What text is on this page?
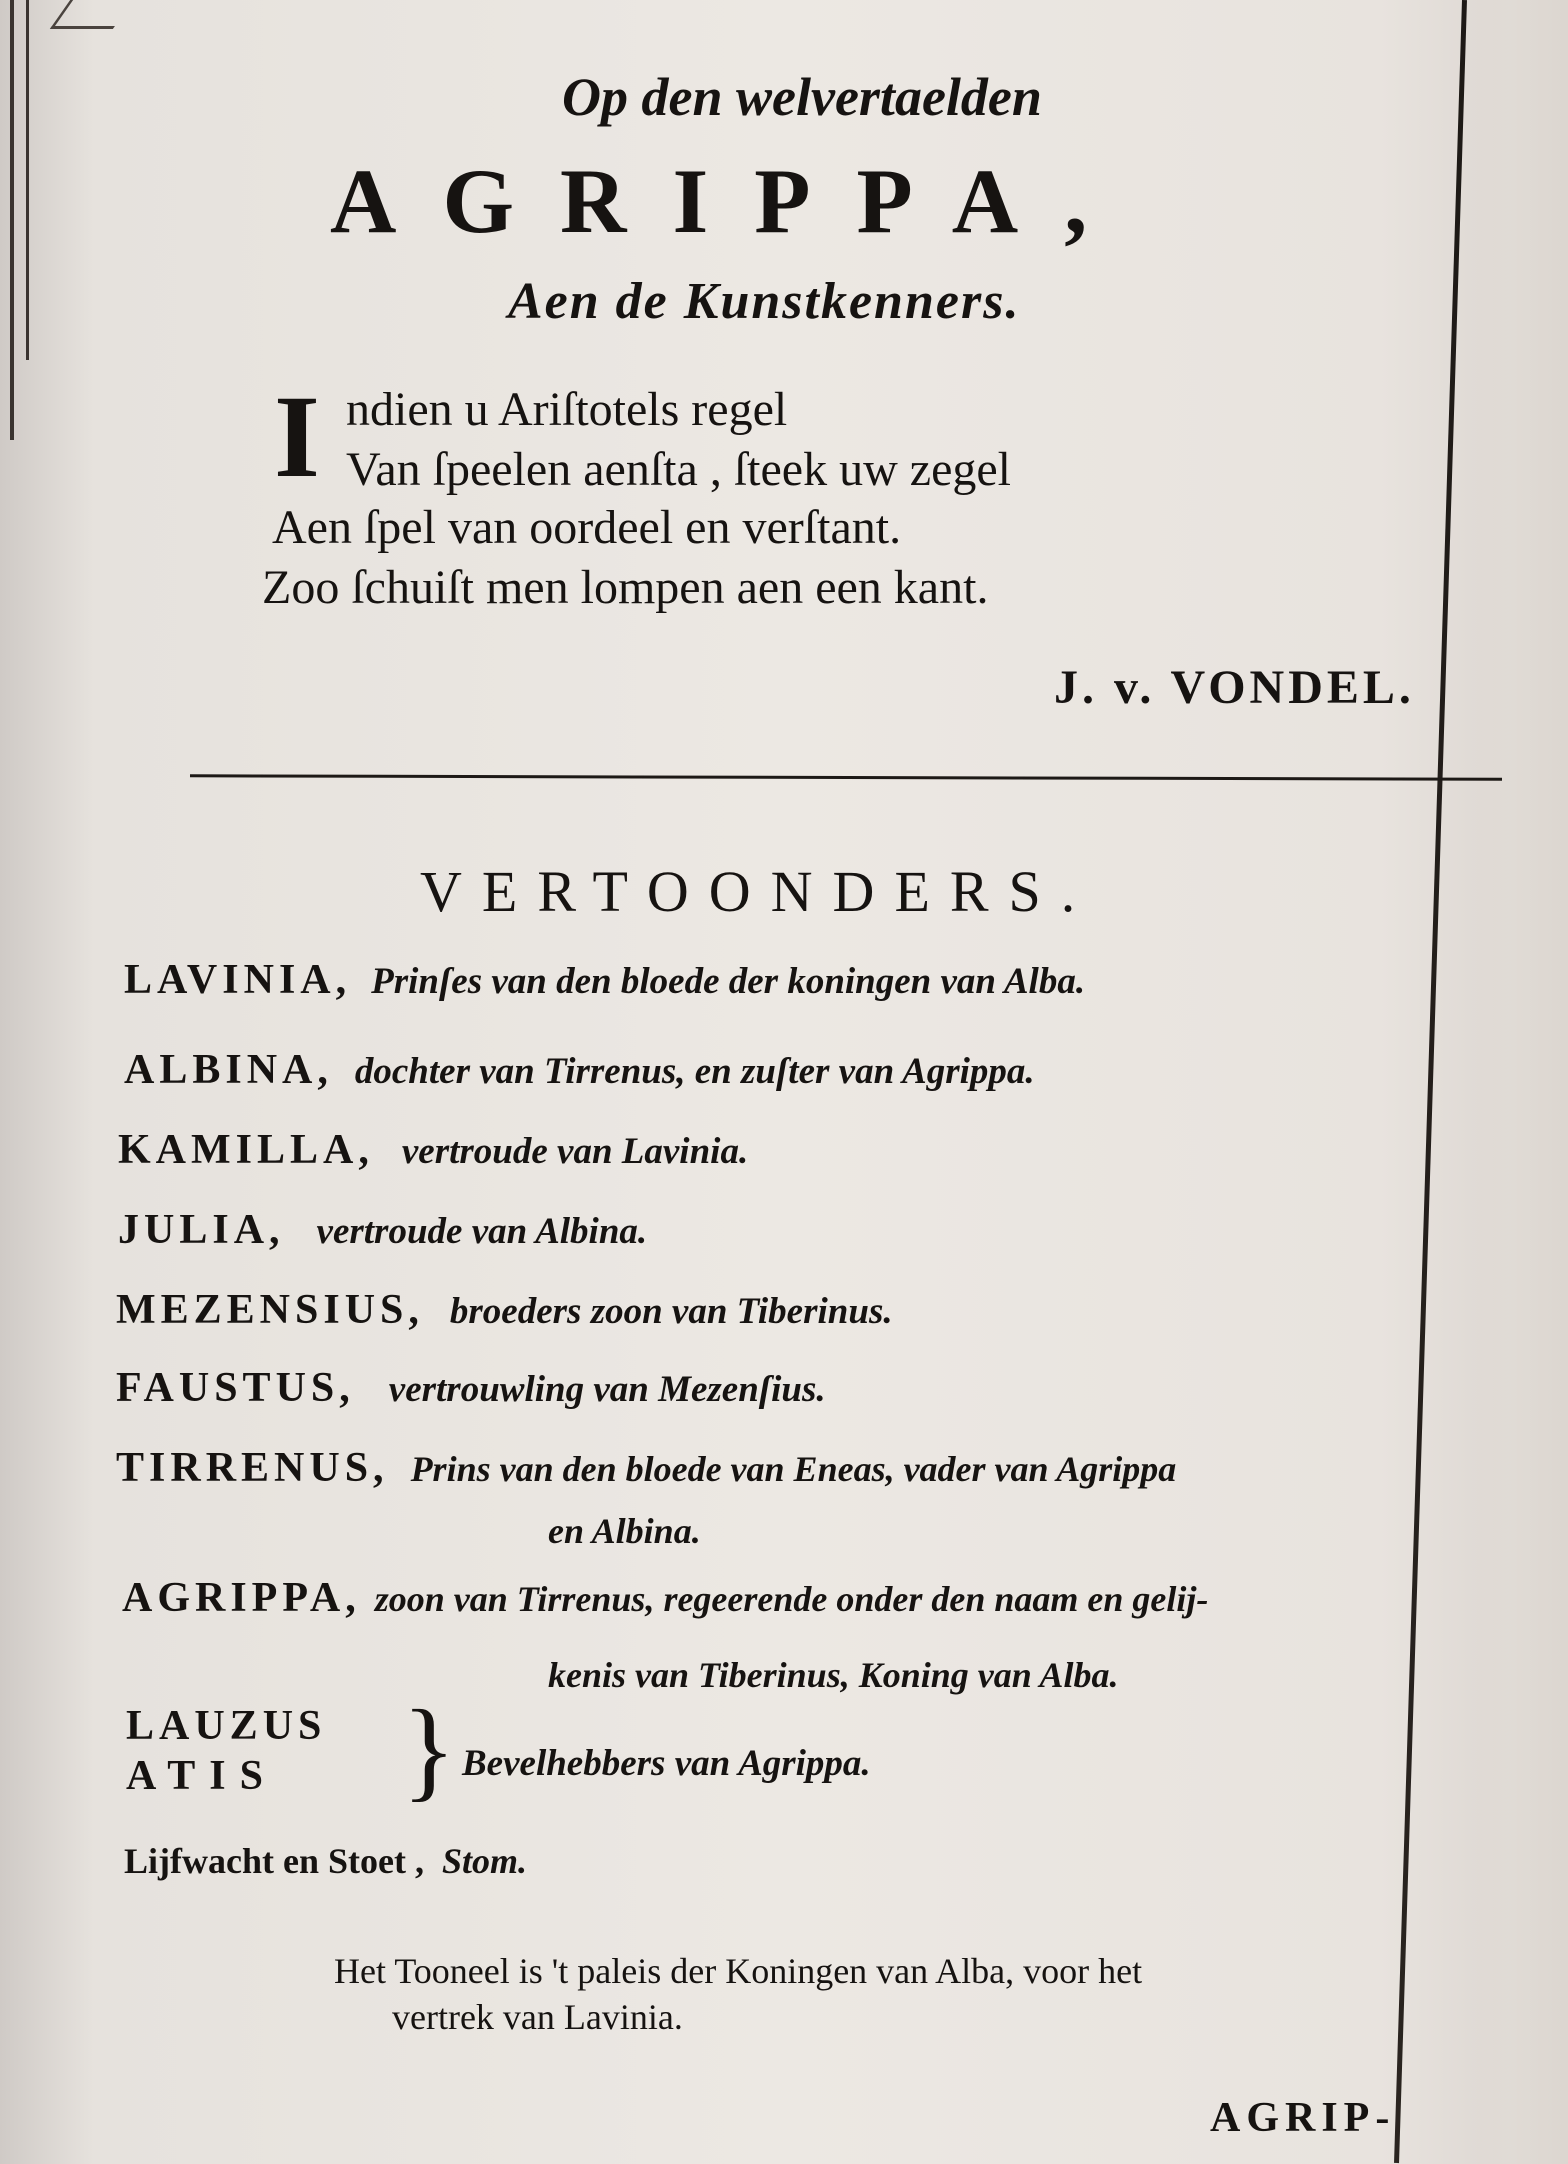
Op den welvertaelden
AGRIPPA,
Aen de Kunstkenners.
I ndien u Ariſtotels regel
Van ſpeelen aenſta , ſteek uw zegel
Aen ſpel van oordeel en verſtant.
Zoo ſchuiſt men lompen aen een kant.
J. v. VONDEL.
VERTOONDERS.
LAVINIA, Prinſes van den bloede der koningen van Alba.
ALBINA, dochter van Tirrenus, en zuſter van Agrippa.
KAMILLA, vertroude van Lavinia.
JULIA, vertroude van Albina.
MEZENSIUS, broeders zoon van Tiberinus.
FAUSTUS, vertrouwling van Mezenſius.
TIRRENUS, Prins van den bloede van Eneas, vader van Agrippa
en Albina.
AGRIPPA, zoon van Tirrenus, regeerende onder den naam en gelij-
kenis van Tiberinus, Koning van Alba.
LAUZUS
ATIS } Bevelhebbers van Agrippa.
Lijfwacht en Stoet , Stom.
Het Tooneel is 't paleis der Koningen van Alba, voor het
vertrek van Lavinia.
AGRIP-
